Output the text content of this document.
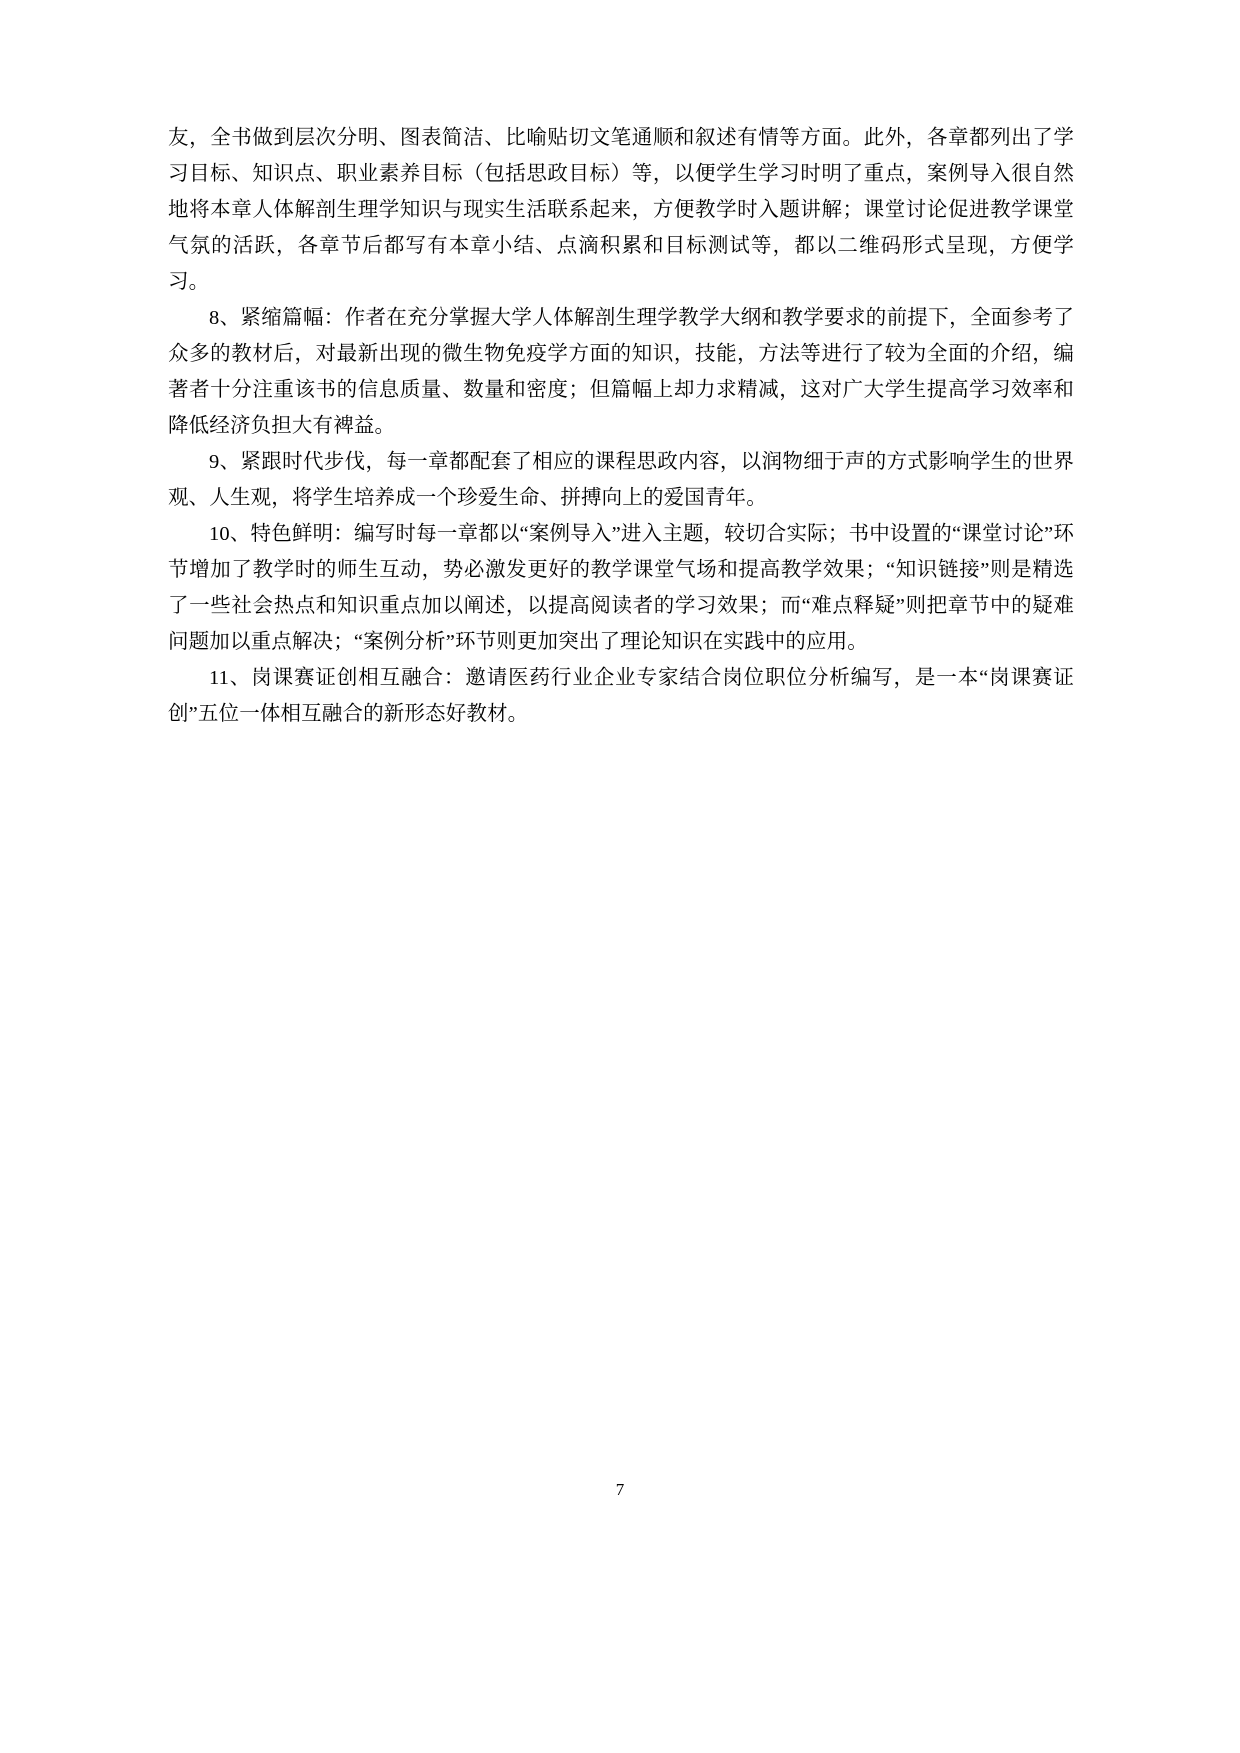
友，全书做到层次分明、图表简洁、比喻贴切文笔通顺和叙述有情等方面。此外，各章都列出了学习目标、知识点、职业素养目标（包括思政目标）等，以便学生学习时明了重点，案例导入很自然地将本章人体解剖生理学知识与现实生活联系起来，方便教学时入题讲解；课堂讨论促进教学课堂气氛的活跃，各章节后都写有本章小结、点滴积累和目标测试等，都以二维码形式呈现，方便学习。

8、紧缩篇幅：作者在充分掌握大学人体解剖生理学教学大纲和教学要求的前提下，全面参考了众多的教材后，对最新出现的微生物免疫学方面的知识，技能，方法等进行了较为全面的介绍，编著者十分注重该书的信息质量、数量和密度；但篇幅上却力求精减，这对广大学生提高学习效率和降低经济负担大有裨益。

9、紧跟时代步伐，每一章都配套了相应的课程思政内容，以润物细于声的方式影响学生的世界观、人生观，将学生培养成一个珍爱生命、拼搏向上的爱国青年。

10、特色鲜明：编写时每一章都以“案例导入”进入主题，较切合实际；书中设置的“课堂讨论”环节增加了教学时的师生互动，势必激发更好的教学课堂气场和提高教学效果；“知识链接”则是精选了一些社会热点和知识重点加以阐述，以提高阅读者的学习效果；而“难点释疑”则把章节中的疑难问题加以重点解决；“案例分析”环节则更加突出了理论知识在实践中的应用。

11、岗课赛证创相互融合：邀请医药行业企业专家结合岗位职位分析编写，是一本“岗课赛证创”五位一体相互融合的新形态好教材。

7
